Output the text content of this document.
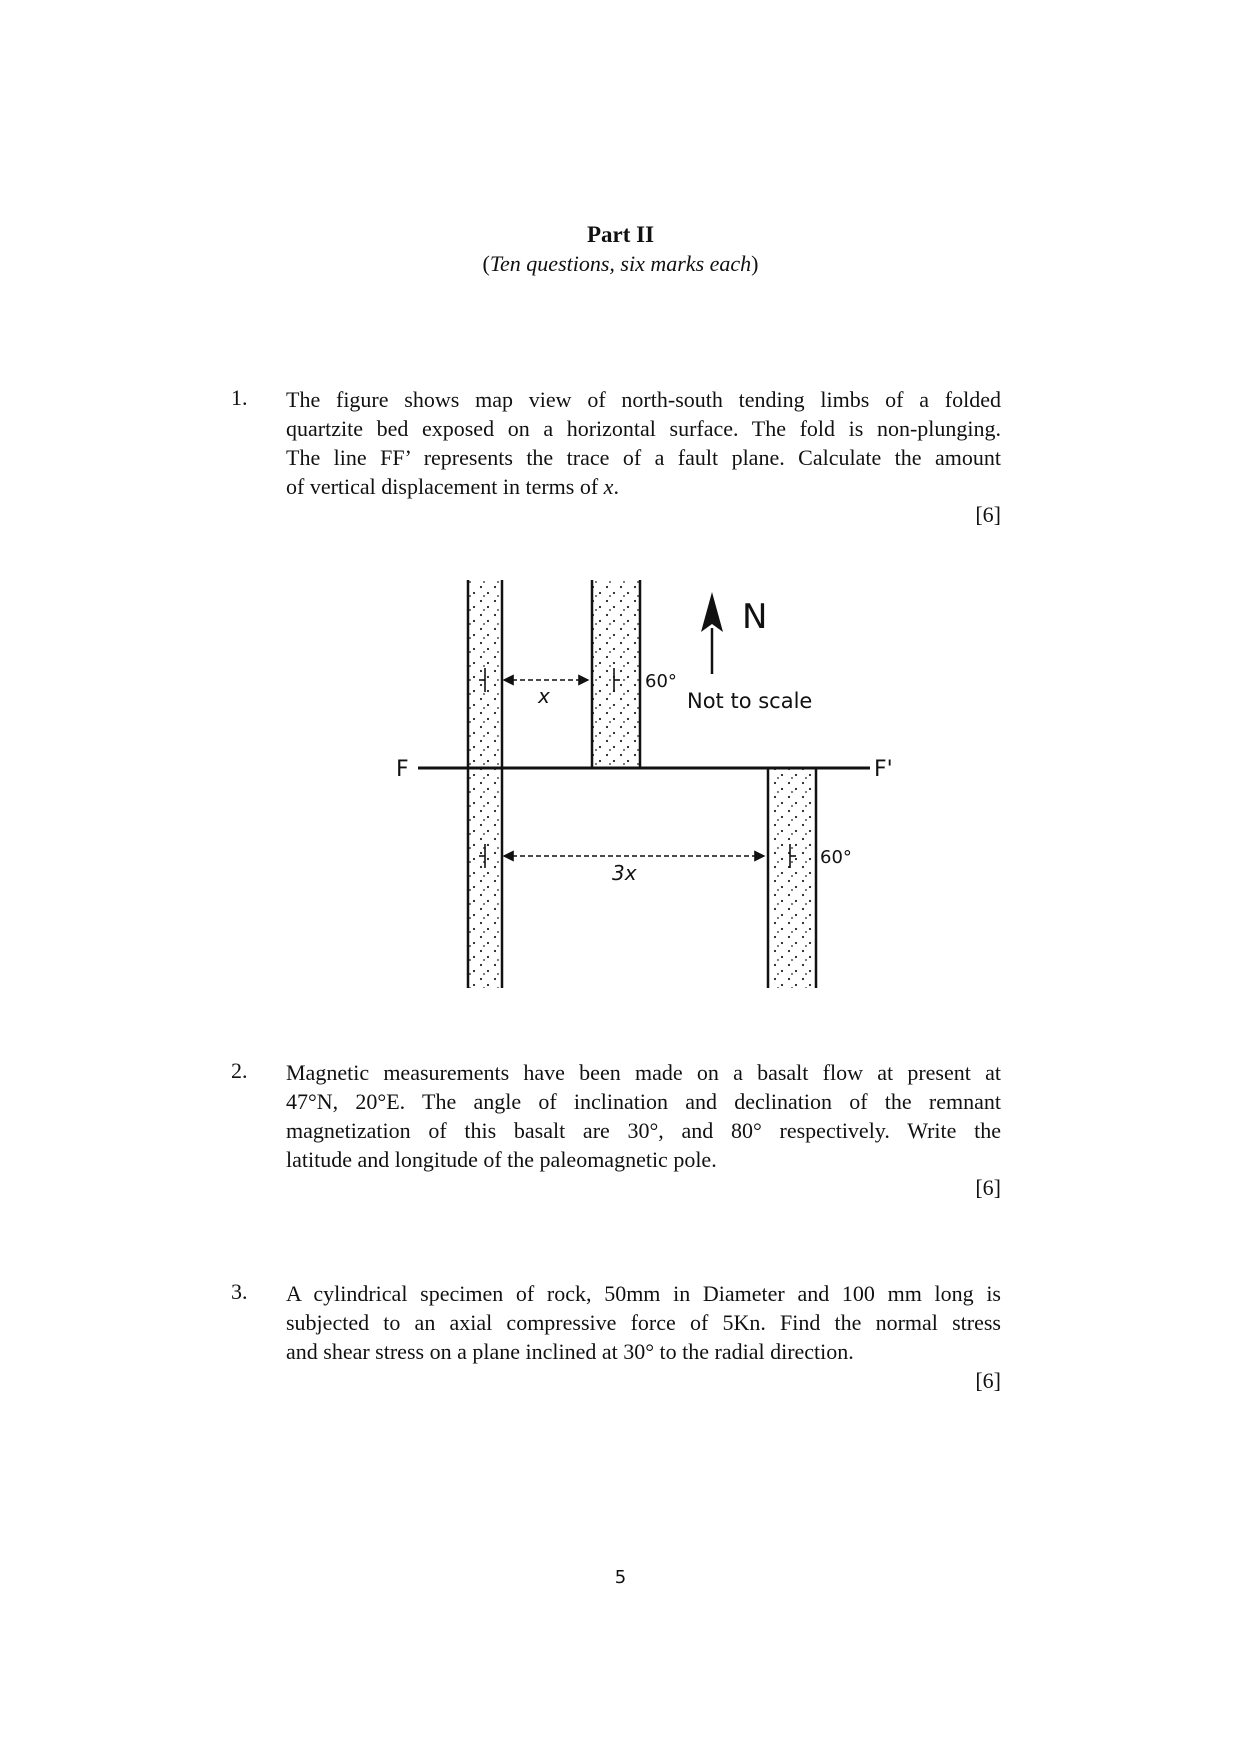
Part II
(Ten questions, six marks each)
1. The figure shows map view of north-south tending limbs of a folded
quartzite bed exposed on a horizontal surface. The fold is non-plunging.
The line FF’ represents the trace of a fault plane. Calculate the amount
of vertical displacement in terms of x.
[6]
F	F'
60°
60°
x
3x
N
Not to scale
2. Magnetic measurements have been made on a basalt flow at present at
47°N, 20°E. The angle of inclination and declination of the remnant
magnetization of this basalt are 30°, and 80° respectively. Write the
latitude and longitude of the paleomagnetic pole.
[6]
3. A cylindrical specimen of rock, 50mm in Diameter and 100 mm long is
subjected to an axial compressive force of 5Kn. Find the normal stress
and shear stress on a plane inclined at 30° to the radial direction.
[6]
5
